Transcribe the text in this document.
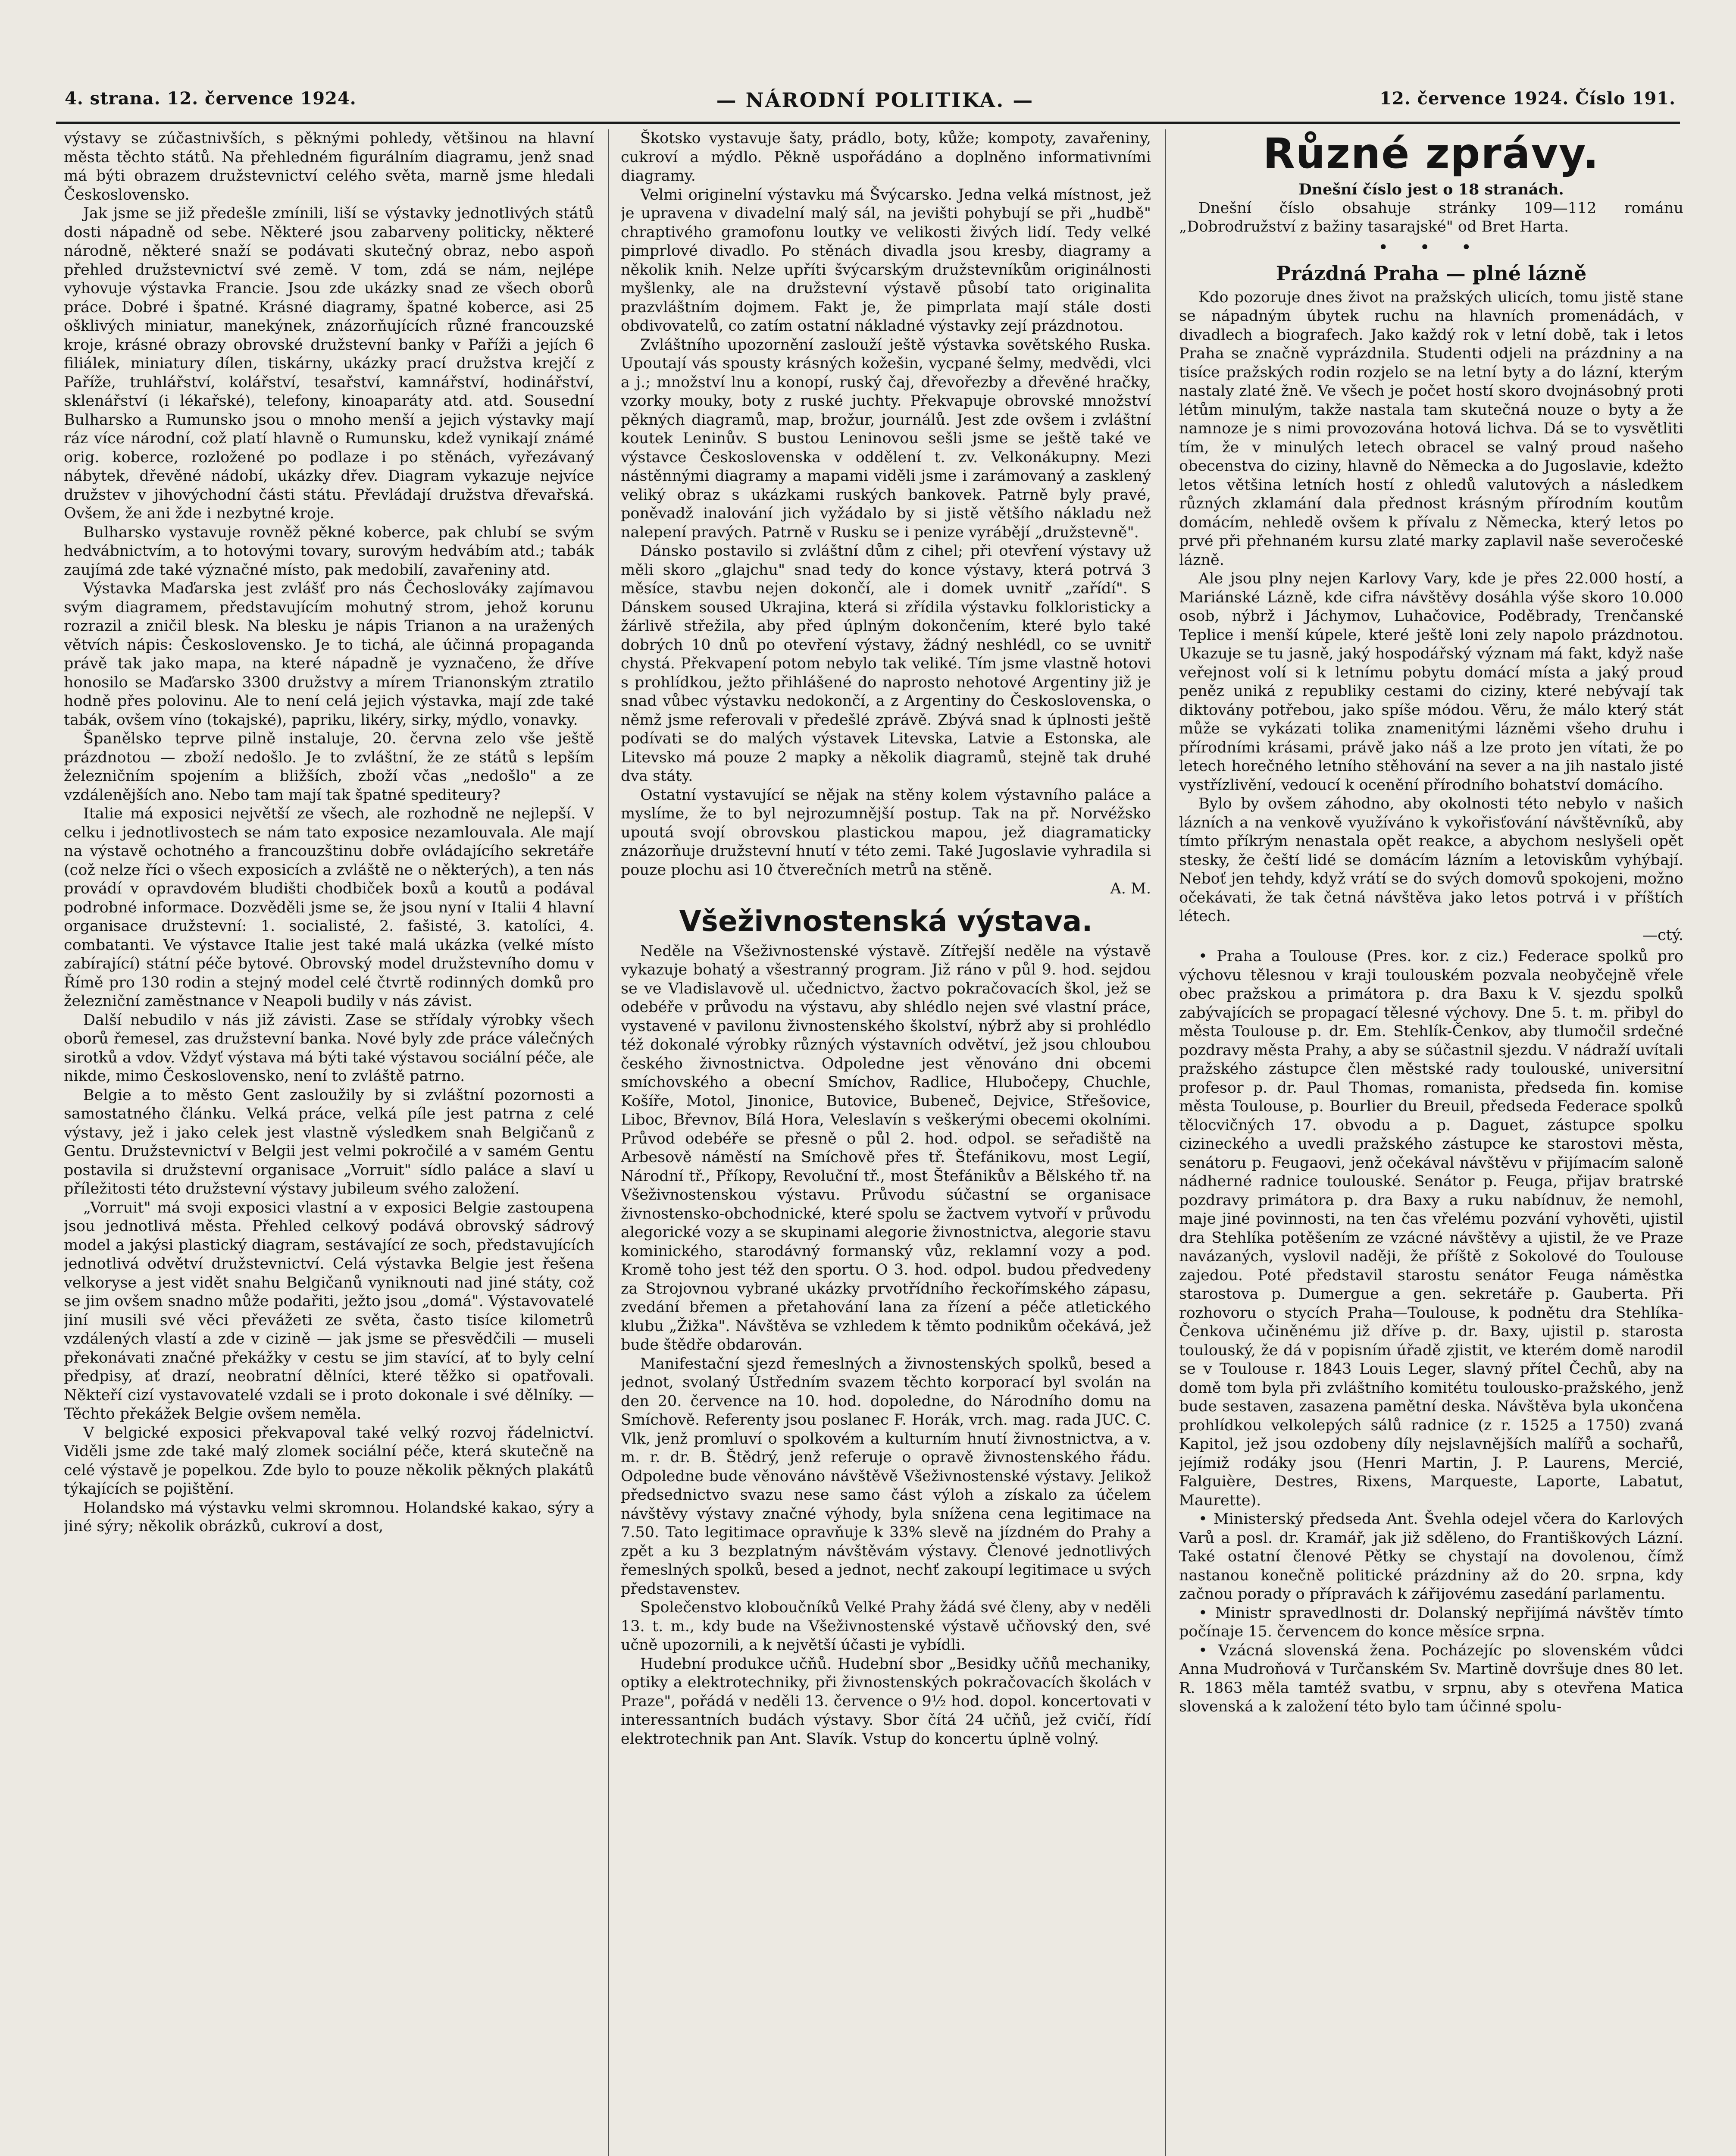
4. strana. 12. července 1924.	— NÁRODNÍ POLITIKA. —	12. července 1924. Číslo 191.

výstavy se zúčastnivších, s pěknými pohledy, většinou na hlavní města těchto států. Na přehledném figurálním diagramu, jenž snad má býti obrazem družstevnictví celého světa, marně jsme hledali Československo.

Jak jsme se již předešle zmínili, liší se výstavky jednotlivých států dosti nápadně od sebe. Některé jsou zabarveny politicky, některé národně, některé snaží se podávati skutečný obraz, nebo aspoň přehled družstevnictví své země. V tom, zdá se nám, nejlépe vyhovuje výstavka Francie. Jsou zde ukázky snad ze všech oborů práce. Dobré i špatné. Krásné diagramy, špatné koberce, asi 25 ošklivých miniatur, manekýnek, znázorňujících různé francouzské kroje, krásné obrazy obrovské družstevní banky v Paříži a jejích 6 filiálek, miniatury dílen, tiskárny, ukázky prací družstva krejčí z Paříže, truhlářství, kolářství, tesařství, kamnářství, hodinářství, sklenářství (i lékařské), telefony, kinoaparáty atd. atd. Sousední Bulharsko a Rumunsko jsou o mnoho menší a jejich výstavky mají ráz více národní, což platí hlavně o Rumunsku, kdež vynikají známé orig. koberce, rozložené po podlaze i po stěnách, vyřezávaný nábytek, dřevěné nádobí, ukázky dřev. Diagram vykazuje nejvíce družstev v jihovýchodní části státu. Převládají družstva dřevařská. Ovšem, že ani žde i nezbytné kroje.

Bulharsko vystavuje rovněž pěkné koberce, pak chlubí se svým hedvábnictvím, a to hotovými tovary, surovým hedvábím atd.; tabák zaujímá zde také význačné místo, pak medobilí, zavařeniny atd.

Výstavka Maďarska jest zvlášť pro nás Čechoslováky zajímavou svým diagramem, představujícím mohutný strom, jehož korunu rozrazil a zničil blesk. Na blesku je nápis Trianon a na uražených větvích nápis: Československo. Je to tichá, ale účinná propaganda právě tak jako mapa, na které nápadně je vyznačeno, že dříve honosilo se Maďarsko 3300 družstvy a mírem Trianonským ztratilo hodně přes polovinu. Ale to není celá jejich výstavka, mají zde také tabák, ovšem víno (tokajské), papriku, likéry, sirky, mýdlo, vonavky.

Španělsko teprve pilně instaluje, 20. června zelo vše ještě prázdnotou — zboží nedošlo. Je to zvláštní, že ze států s lepším železničním spojením a bližších, zboží včas „nedošlo" a ze vzdálenějších ano. Nebo tam mají tak špatné spediteury?

Italie má exposici největší ze všech, ale rozhodně ne nejlepší. V celku i jednotlivostech se nám tato exposice nezamlouvala. Ale mají na výstavě ochotného a francouzštinu dobře ovládajícího sekretáře (což nelze říci o všech exposicích a zvláště ne o některých), a ten nás provádí v opravdovém bludišti chodbiček boxů a koutů a podával podrobné informace. Dozvěděli jsme se, že jsou nyní v Italii 4 hlavní organisace družstevní: 1. socialisté, 2. fašisté, 3. katolíci, 4. combatanti. Ve výstavce Italie jest také malá ukázka (velké místo zabírající) státní péče bytové. Obrovský model družstevního domu v Římě pro 130 rodin a stejný model celé čtvrtě rodinných domků pro železniční zaměstnance v Neapoli budily v nás závist.

Další nebudilo v nás již závisti. Zase se střídaly výrobky všech oborů řemesel, zas družstevní banka. Nové byly zde práce válečných sirotků a vdov. Vždyť výstava má býti také výstavou sociální péče, ale nikde, mimo Československo, není to zvláště patrno.

Belgie a to město Gent zasloužily by si zvláštní pozornosti a samostatného článku. Velká práce, velká píle jest patrna z celé výstavy, jež i jako celek jest vlastně výsledkem snah Belgičanů z Gentu. Družstevnictví v Belgii jest velmi pokročilé a v samém Gentu postavila si družstevní organisace „Vorruit" sídlo paláce a slaví u příležitosti této družstevní výstavy jubileum svého založení.

„Vorruit" má svoji exposici vlastní a v exposici Belgie zastoupena jsou jednotlivá města. Přehled celkový podává obrovský sádrový model a jakýsi plastický diagram, sestávající ze soch, představujících jednotlivá odvětví družstevnictví. Celá výstavka Belgie jest řešena velkoryse a jest vidět snahu Belgičanů vyniknouti nad jiné státy, což se jim ovšem snadno může podařiti, ježto jsou „domá". Výstavovatelé jiní musili své věci převážeti ze světa, často tisíce kilometrů vzdálených vlastí a zde v cizině — jak jsme se přesvědčili — museli překonávati značné překážky v cestu se jim stavící, ať to byly celní předpisy, ať drazí, neobratní dělníci, které těžko si opatřovali. Někteří cizí vystavovatelé vzdali se i proto dokonale i své dělníky. — Těchto překážek Belgie ovšem neměla.

V belgické exposici překvapoval také velký rozvoj řádelnictví. Viděli jsme zde také malý zlomek sociální péče, která skutečně na celé výstavě je popelkou. Zde bylo to pouze několik pěkných plakátů týkajících se pojištění.

Holandsko má výstavku velmi skromnou. Holandské kakao, sýry a jiné sýry; několik obrázků, cukroví a dost,

Škotsko vystavuje šaty, prádlo, boty, kůže; kompoty, zavařeniny, cukroví a mýdlo. Pěkně uspořádáno a doplněno informativními diagramy.

Velmi originelní výstavku má Švýcarsko. Jedna velká místnost, jež je upravena v divadelní malý sál, na jevišti pohybují se při „hudbě" chraptivého gramofonu loutky ve velikosti živých lidí. Tedy velké pimprlové divadlo. Po stěnách divadla jsou kresby, diagramy a několik knih. Nelze upříti švýcarským družstevníkům originálnosti myšlenky, ale na družstevní výstavě působí tato originalita prazvláštním dojmem. Fakt je, že pimprlata mají stále dosti obdivovatelů, co zatím ostatní nákladné výstavky zejí prázdnotou.

Zvláštního upozornění zaslouží ještě výstavka sovětského Ruska. Upoutají vás spousty krásných kožešin, vycpané šelmy, medvědi, vlci a j.; množství lnu a konopí, ruský čaj, dřevořezby a dřevěné hračky, vzorky mouky, boty z ruské juchty. Překvapuje obrovské množství pěkných diagramů, map, brožur, journálů. Jest zde ovšem i zvláštní koutek Leninův. S bustou Leninovou sešli jsme se ještě také ve výstavce Československa v oddělení t. zv. Velkonákupny. Mezi nástěnnými diagramy a mapami viděli jsme i zarámovaný a zasklený veliký obraz s ukázkami ruských bankovek. Patrně byly pravé, poněvadž inalování jich vyžádalo by si jistě většího nákladu než nalepení pravých. Patrně v Rusku se i penize vyrábějí „družstevně".

Dánsko postavilo si zvláštní dům z cihel; při otevření výstavy už měli skoro „glajchu" snad tedy do konce výstavy, která potrvá 3 měsíce, stavbu nejen dokončí, ale i domek uvnitř „zařídí". S Dánskem soused Ukrajina, která si zřídila výstavku folkloristicky a žárlivě střežila, aby před úplným dokončením, které bylo také dobrých 10 dnů po otevření výstavy, žádný neshlédl, co se uvnitř chystá. Překvapení potom nebylo tak veliké. Tím jsme vlastně hotovi s prohlídkou, ježto přihlášené do naprosto nehotové Argentiny již je snad vůbec výstavku nedokončí, a z Argentiny do Československa, o němž jsme referovali v předešlé zprávě. Zbývá snad k úplnosti ještě podívati se do malých výstavek Litevska, Latvie a Estonska, ale Litevsko má pouze 2 mapky a několik diagramů, stejně tak druhé dva státy.

Ostatní vystavující se nějak na stěny kolem výstavního paláce a myslíme, že to byl nejrozumnější postup. Tak na př. Norvéžsko upoutá svojí obrovskou plastickou mapou, jež diagramaticky znázorňuje družstevní hnutí v této zemi. Také Jugoslavie vyhradila si pouze plochu asi 10 čtverečních metrů na stěně.

A. M.
Všeživnostenská výstava.

Neděle na Všeživnostenské výstavě. Zítřejší neděle na výstavě vykazuje bohatý a všestranný program. Již ráno v půl 9. hod. sejdou se ve Vladislavově ul. učednictvo, žactvo pokračovacích škol, jež se odebéře v průvodu na výstavu, aby shlédlo nejen své vlastní práce, vystavené v pavilonu živnostenského školství, nýbrž aby si prohlédlo též dokonalé výrobky různých výstavních odvětví, jež jsou chloubou českého živnostnictva. Odpoledne jest věnováno dni obcemi smíchovského a obecní Smíchov, Radlice, Hlubočepy, Chuchle, Košíře, Motol, Jinonice, Butovice, Bubeneč, Dejvice, Střešovice, Liboc, Břevnov, Bílá Hora, Veleslavín s veškerými obecemi okolními. Průvod odebéře se přesně o půl 2. hod. odpol. se seřadiště na Arbesově náměstí na Smíchově přes tř. Štefánikovu, most Legií, Národní tř., Příkopy, Revoluční tř., most Štefánikův a Bělského tř. na Všeživnostenskou výstavu. Průvodu súčastní se organisace živnostensko-obchodnické, které spolu se žactvem vytvoří v průvodu alegorické vozy a se skupinami alegorie živnostnictva, alegorie stavu kominického, starodávný formanský vůz, reklamní vozy a pod. Kromě toho jest též den sportu. O 3. hod. odpol. budou předvedeny za Strojovnou vybrané ukázky prvotřídního řeckořímského zápasu, zvedání břemen a přetahování lana za řízení a péče atletického klubu „Žižka". Návštěva se vzhledem k těmto podnikům očekává, jež bude štědře obdarován.

Manifestační sjezd řemeslných a živnostenských spolků, besed a jednot, svolaný Ústředním svazem těchto korporací byl svolán na den 20. července na 10. hod. dopoledne, do Národního domu na Smíchově. Referenty jsou poslanec F. Horák, vrch. mag. rada JUC. C. Vlk, jenž promluví o spolkovém a kulturním hnutí živnostnictva, a v. m. r. dr. B. Štědrý, jenž referuje o opravě živnostenského řádu. Odpoledne bude věnováno návštěvě Všeživnostenské výstavy. Jelikož předsednictvo svazu nese samo část výloh a získalo za účelem návštěvy výstavy značné výhody, byla snížena cena legitimace na 7.50. Tato legitimace opravňuje k 33% slevě na jízdném do Prahy a zpět a ku 3 bezplatným návštěvám výstavy. Členové jednotlivých řemeslných spolků, besed a jednot, nechť zakoupí legitimace u svých představenstev.

Společenstvo kloboučníků Velké Prahy žádá své členy, aby v neděli 13. t. m., kdy bude na Všeživnostenské výstavě učňovský den, své učně upozornili, a k největší účasti je vybídli.

Hudební produkce učňů. Hudební sbor „Besidky učňů mechaniky, optiky a elektrotechniky, při živnostenských pokračovacích školách v Praze", pořádá v neděli 13. července o 9½ hod. dopol. koncertovati v interessantních budách výstavy. Sbor čítá 24 učňů, jež cvičí, řídí elektrotechnik pan Ant. Slavík. Vstup do koncertu úplně volný.

Různé zprávy.

Dnešní číslo jest o 18 stranách.

Dnešní číslo obsahuje stránky 109—112 románu „Dobrodružství z bažiny tasarajské" od Bret Harta.

• • •
Prázdná Praha — plné lázně

Kdo pozoruje dnes život na pražských ulicích, tomu jistě stane se nápadným úbytek ruchu na hlavních promenádách, v divadlech a biografech. Jako každý rok v letní době, tak i letos Praha se značně vyprázdnila. Studenti odjeli na prázdniny a na tisíce pražských rodin rozjelo se na letní byty a do lázní, kterým nastaly zlaté žně. Ve všech je počet hostí skoro dvojnásobný proti létům minulým, takže nastala tam skutečná nouze o byty a že namnoze je s nimi provozována hotová lichva. Dá se to vysvětliti tím, že v minulých letech obracel se valný proud našeho obecenstva do ciziny, hlavně do Německa a do Jugoslavie, kdežto letos většina letních hostí z ohledů valutových a následkem různých zklamání dala přednost krásným přírodním koutům domácím, nehledě ovšem k přívalu z Německa, který letos po prvé při přehnaném kursu zlaté marky zaplavil naše severočeské lázně.

Ale jsou plny nejen Karlovy Vary, kde je přes 22.000 hostí, a Mariánské Lázně, kde cifra návštěvy dosáhla výše skoro 10.000 osob, nýbrž i Jáchymov, Luhačovice, Poděbrady, Trenčanské Teplice i menší kúpele, které ještě loni zely napolo prázdnotou. Ukazuje se tu jasně, jaký hospodářský význam má fakt, když naše veřejnost volí si k letnímu pobytu domácí místa a jaký proud peněz uniká z republiky cestami do ciziny, které nebývají tak diktovány potřebou, jako spíše módou. Věru, že málo který stát může se vykázati tolika znamenitými lázněmi všeho druhu i přírodními krásami, právě jako náš a lze proto jen vítati, že po letech horečného letního stěhování na sever a na jih nastalo jisté vystřízlivění, vedoucí k ocenění přírodního bohatství domácího.

Bylo by ovšem záhodno, aby okolnosti této nebylo v našich lázních a na venkově využíváno k vykořisťování návštěvníků, aby tímto příkrým nenastala opět reakce, a abychom neslyšeli opět stesky, že čeští lidé se domácím lázním a letoviskům vyhýbají. Neboť jen tehdy, když vrátí se do svých domovů spokojeni, možno očekávati, že tak četná návštěva jako letos potrvá i v příštích létech.

—ctý.

• Praha a Toulouse (Pres. kor. z ciz.) Federace spolků pro výchovu tělesnou v kraji toulouském pozvala neobyčejně vřele obec pražskou a primátora p. dra Baxu k V. sjezdu spolků zabývajících se propagací tělesné výchovy. Dne 5. t. m. přibyl do města Toulouse p. dr. Em. Stehlík-Čenkov, aby tlumočil srdečné pozdravy města Prahy, a aby se súčastnil sjezdu. V nádraží uvítali pražského zástupce člen městské rady toulouské, universitní profesor p. dr. Paul Thomas, romanista, předseda fin. komise města Toulouse, p. Bourlier du Breuil, předseda Federace spolků tělocvičných 17. obvodu a p. Daguet, zástupce spolku cizineckého a uvedli pražského zástupce ke starostovi města, senátoru p. Feugaovi, jenž očekával návštěvu v přijímacím saloně nádherné radnice toulouské. Senátor p. Feuga, přijav bratrské pozdravy primátora p. dra Baxy a ruku nabídnuv, že nemohl, maje jiné povinnosti, na ten čas vřelému pozvání vyhověti, ujistil dra Stehlíka potěšením ze vzácné návštěvy a ujistil, že ve Praze navázaných, vyslovil naději, že příště z Sokolové do Toulouse zajedou. Poté představil starostu senátor Feuga náměstka starostova p. Dumergue a gen. sekretáře p. Gauberta. Při rozhovoru o stycích Praha—Toulouse, k podnětu dra Stehlíka-Čenkova učiněnému již dříve p. dr. Baxy, ujistil p. starosta toulouský, že dá v popisním úřadě zjistit, ve kterém domě narodil se v Toulouse r. 1843 Louis Leger, slavný přítel Čechů, aby na domě tom byla při zvláštního komitétu toulousko-pražského, jenž bude sestaven, zasazena pamětní deska. Návštěva byla ukončena prohlídkou velkolepých sálů radnice (z r. 1525 a 1750) zvaná Kapitol, jež jsou ozdobeny díly nejslavnějších malířů a sochařů, jejímiž rodáky jsou (Henri Martin, J. P. Laurens, Mercié, Falguière, Destres, Rixens, Marqueste, Laporte, Labatut, Maurette).

• Ministerský předseda Ant. Švehla odejel včera do Karlových Varů a posl. dr. Kramář, jak již sděleno, do Františkových Lázní. Také ostatní členové Pětky se chystají na dovolenou, čímž nastanou konečně politické prázdniny až do 20. srpna, kdy začnou porady o přípravách k zářijovému zasedání parlamentu.

• Ministr spravedlnosti dr. Dolanský nepřijímá návštěv tímto počínaje 15. červencem do konce měsíce srpna.

• Vzácná slovenská žena. Pocházejíc po slovenském vůdci Anna Mudroňová v Turčanském Sv. Martině dovršuje dnes 80 let. R. 1863 měla tamtéž svatbu, v srpnu, aby s otevřena Matica slovenská a k založení této bylo tam účinné spolu-
